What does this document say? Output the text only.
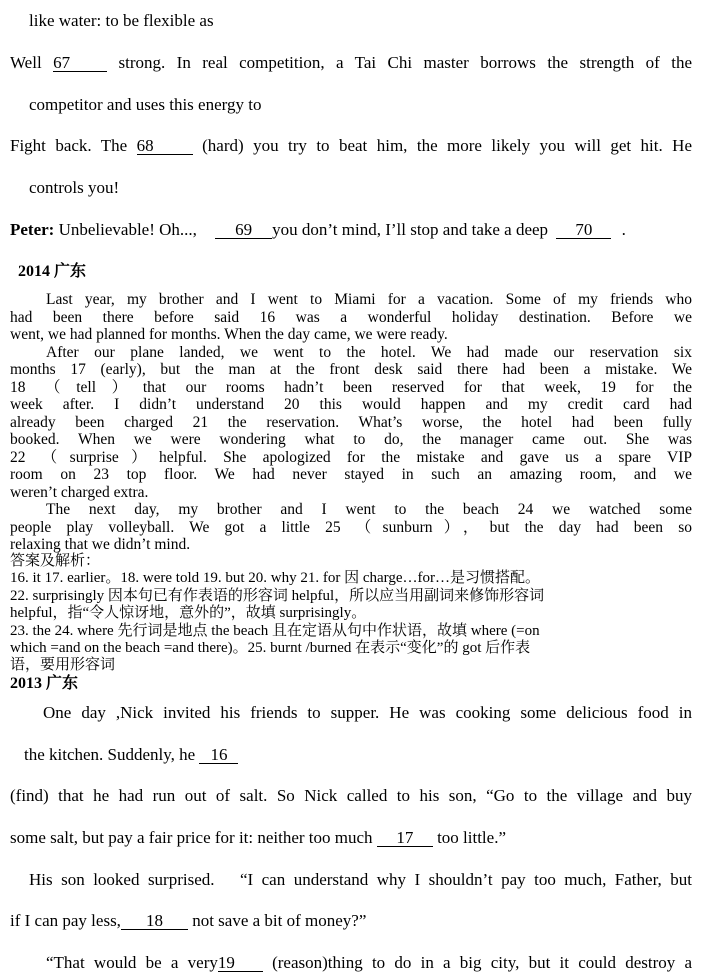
like water: to be flexible as
Well 67	strong. In real competition, a Tai Chi master borrows the strength of the
competitor and uses this energy to
Fight back. The 68	(hard) you try to beat him, the more likely you will get hit. He
controls you!
Peter: Unbelievable! Oh..., 69 you don’t mind, I’ll stop and take a deep 70 .
2014 广东
Last year, my brother and I went to Miami for a vacation. Some of my friends who
had been there before said 16 was a wonderful holiday destination. Before we
went, we had planned for months. When the day came, we were ready.
After our plane landed, we went to the hotel. We had made our reservation six
months 17 (early), but the man at the front desk said there had been a mistake. We
18 （tell）that our rooms hadn’t been reserved for that week, 19 for the
week after. I didn’t understand 20 this would happen and my credit card had
already been charged 21 the reservation. What’s worse, the hotel had been fully
booked. When we were wondering what to do, the manager came out. She was
22 （surprise）helpful. She apologized for the mistake and gave us a spare VIP
room on 23 top floor. We had never stayed in such an amazing room, and we
weren’t charged extra.
The next day, my brother and I went to the beach 24 we watched some
people play volleyball. We got a little 25 （sunburn），but the day had been so
relaxing that we didn’t mind.
答案及解析：
16. it 17. earlier。18. were told 19. but 20. why 21. for 因 charge…for…是习惯搭配。
22. surprisingly 因本句已有作表语的形容词 helpful，所以应当用副词来修饰形容词
helpful，指“令人惊讶地，意外的”，故填 surprisingly。
23. the 24. where 先行词是地点 the beach 且在定语从句中作状语，故填 where (=on
which =and on the beach =and there)。25. burnt /burned 在表示“变化”的 got 后作表
语，要用形容词
2013 广东
One day ,Nick invited his friends to supper. He was cooking some delicious food in
the kitchen. Suddenly, he 16
(find) that he had run out of salt. So Nick called to his son, “Go to the village and buy
some salt, but pay a fair price for it: neither too much 17 too little.”
His son looked surprised.   “I can understand why I shouldn’t pay too much, Father, but
if I can pay less, 18 not save a bit of money?”
“That would be a very19 (reason)thing to do in a big city, but it could destroy a
